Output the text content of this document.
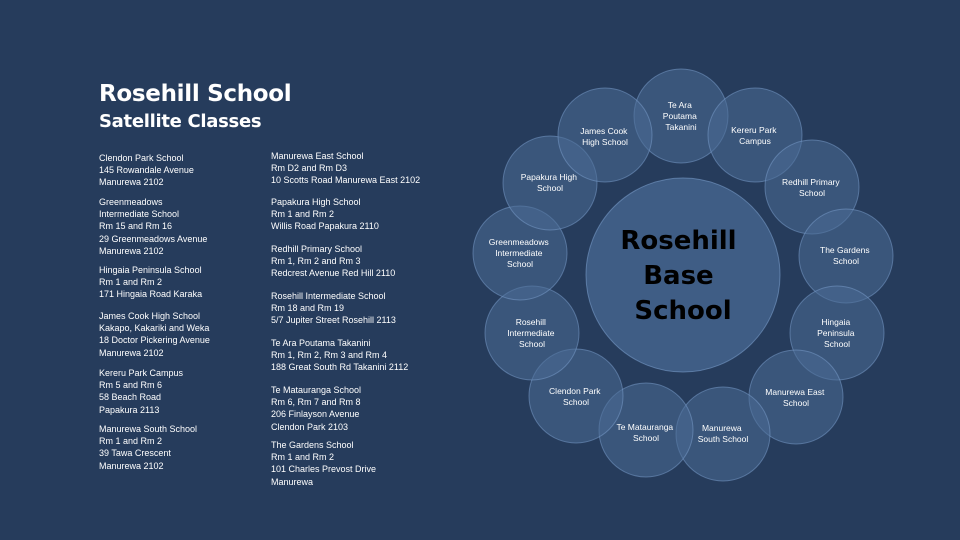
Rosehill School
Satellite Classes
Clendon Park School
145 Rowandale Avenue
Manurewa 2102
Greenmeadows
Intermediate School
Rm 15 and Rm 16
29 Greenmeadows Avenue
Manurewa 2102
Hingaia Peninsula School
Rm 1 and Rm 2
171 Hingaia Road Karaka
James Cook High School
Kakapo, Kakariki and Weka
18 Doctor Pickering Avenue
Manurewa 2102
Kereru Park Campus
Rm 5 and Rm 6
58 Beach Road
Papakura 2113
Manurewa South School
Rm 1 and Rm 2
39 Tawa Crescent
Manurewa 2102
Manurewa East School
Rm D2 and Rm D3
10 Scotts Road Manurewa East 2102
Papakura High School
Rm 1 and Rm 2
Willis Road Papakura 2110
Redhill Primary School
Rm 1, Rm 2 and Rm 3
Redcrest Avenue Red Hill 2110
Rosehill Intermediate School
Rm 18 and Rm 19
5/7 Jupiter Street Rosehill 2113
Te Ara Poutama Takanini
Rm 1, Rm 2, Rm 3 and Rm 4
188 Great South Rd Takanini 2112
Te Matauranga School
Rm 6, Rm 7 and Rm 8
206 Finlayson Avenue
Clendon Park 2103
The Gardens School
Rm 1 and Rm 2
101 Charles Prevost Drive
Manurewa
Te Ara Poutama Takanini	Kereru Park Campus
Redhill Primary School
The Gardens School
Hingaia Peninsula School
Manurewa East School
Manurewa South School
Te Matauranga School
Clendon Park School
Rosehill Intermediate School
Greenmeadows Intermediate School
Papakura High School
James Cook High School
Rosehill Base School
